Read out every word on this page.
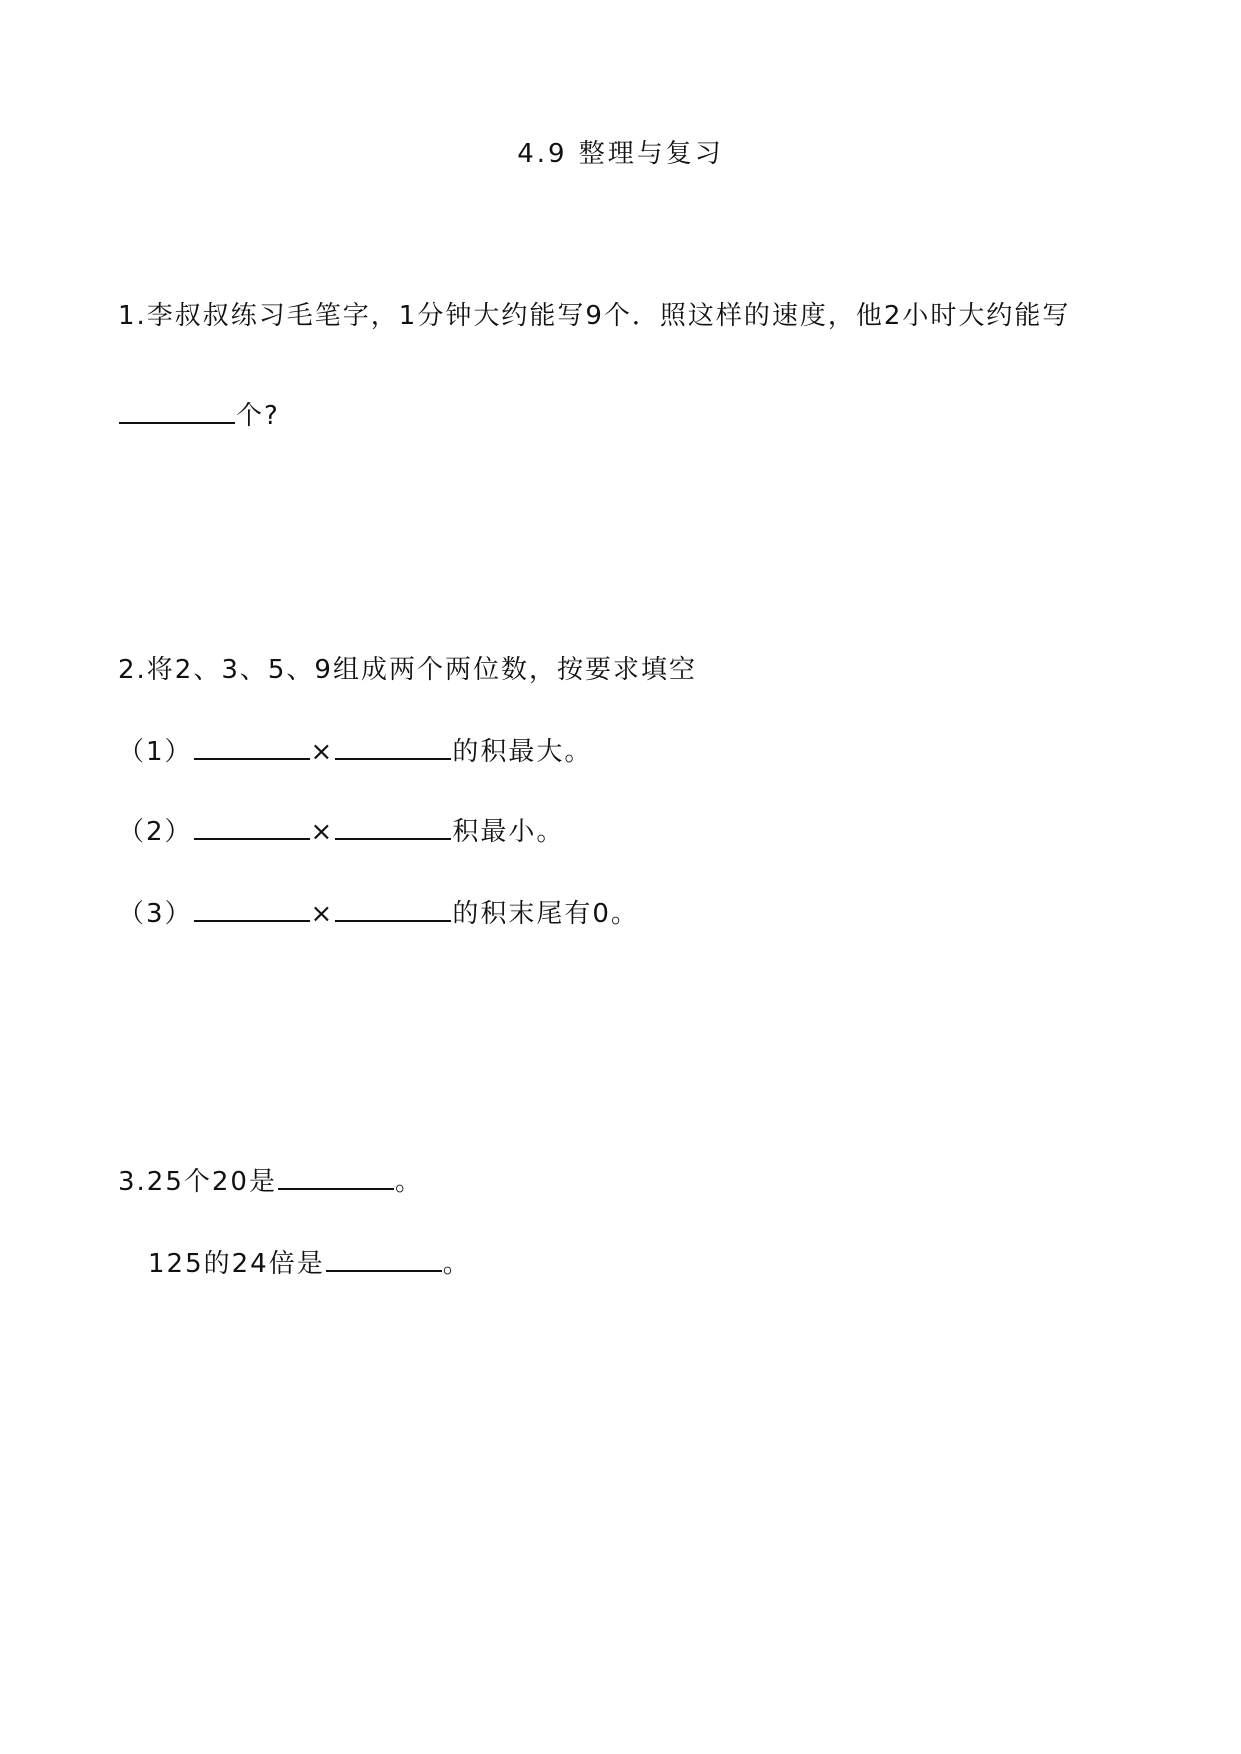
4.9 整理与复习
1.李叔叔练习毛笔字，1分钟大约能写9个．照这样的速度，他2小时大约能写
个?
2.将2、3、5、9组成两个两位数，按要求填空
（1）	×	的积最大。
（2）	×	积最小。
（3）	×	的积末尾有0。
3.25个20是	。
125的24倍是	。
